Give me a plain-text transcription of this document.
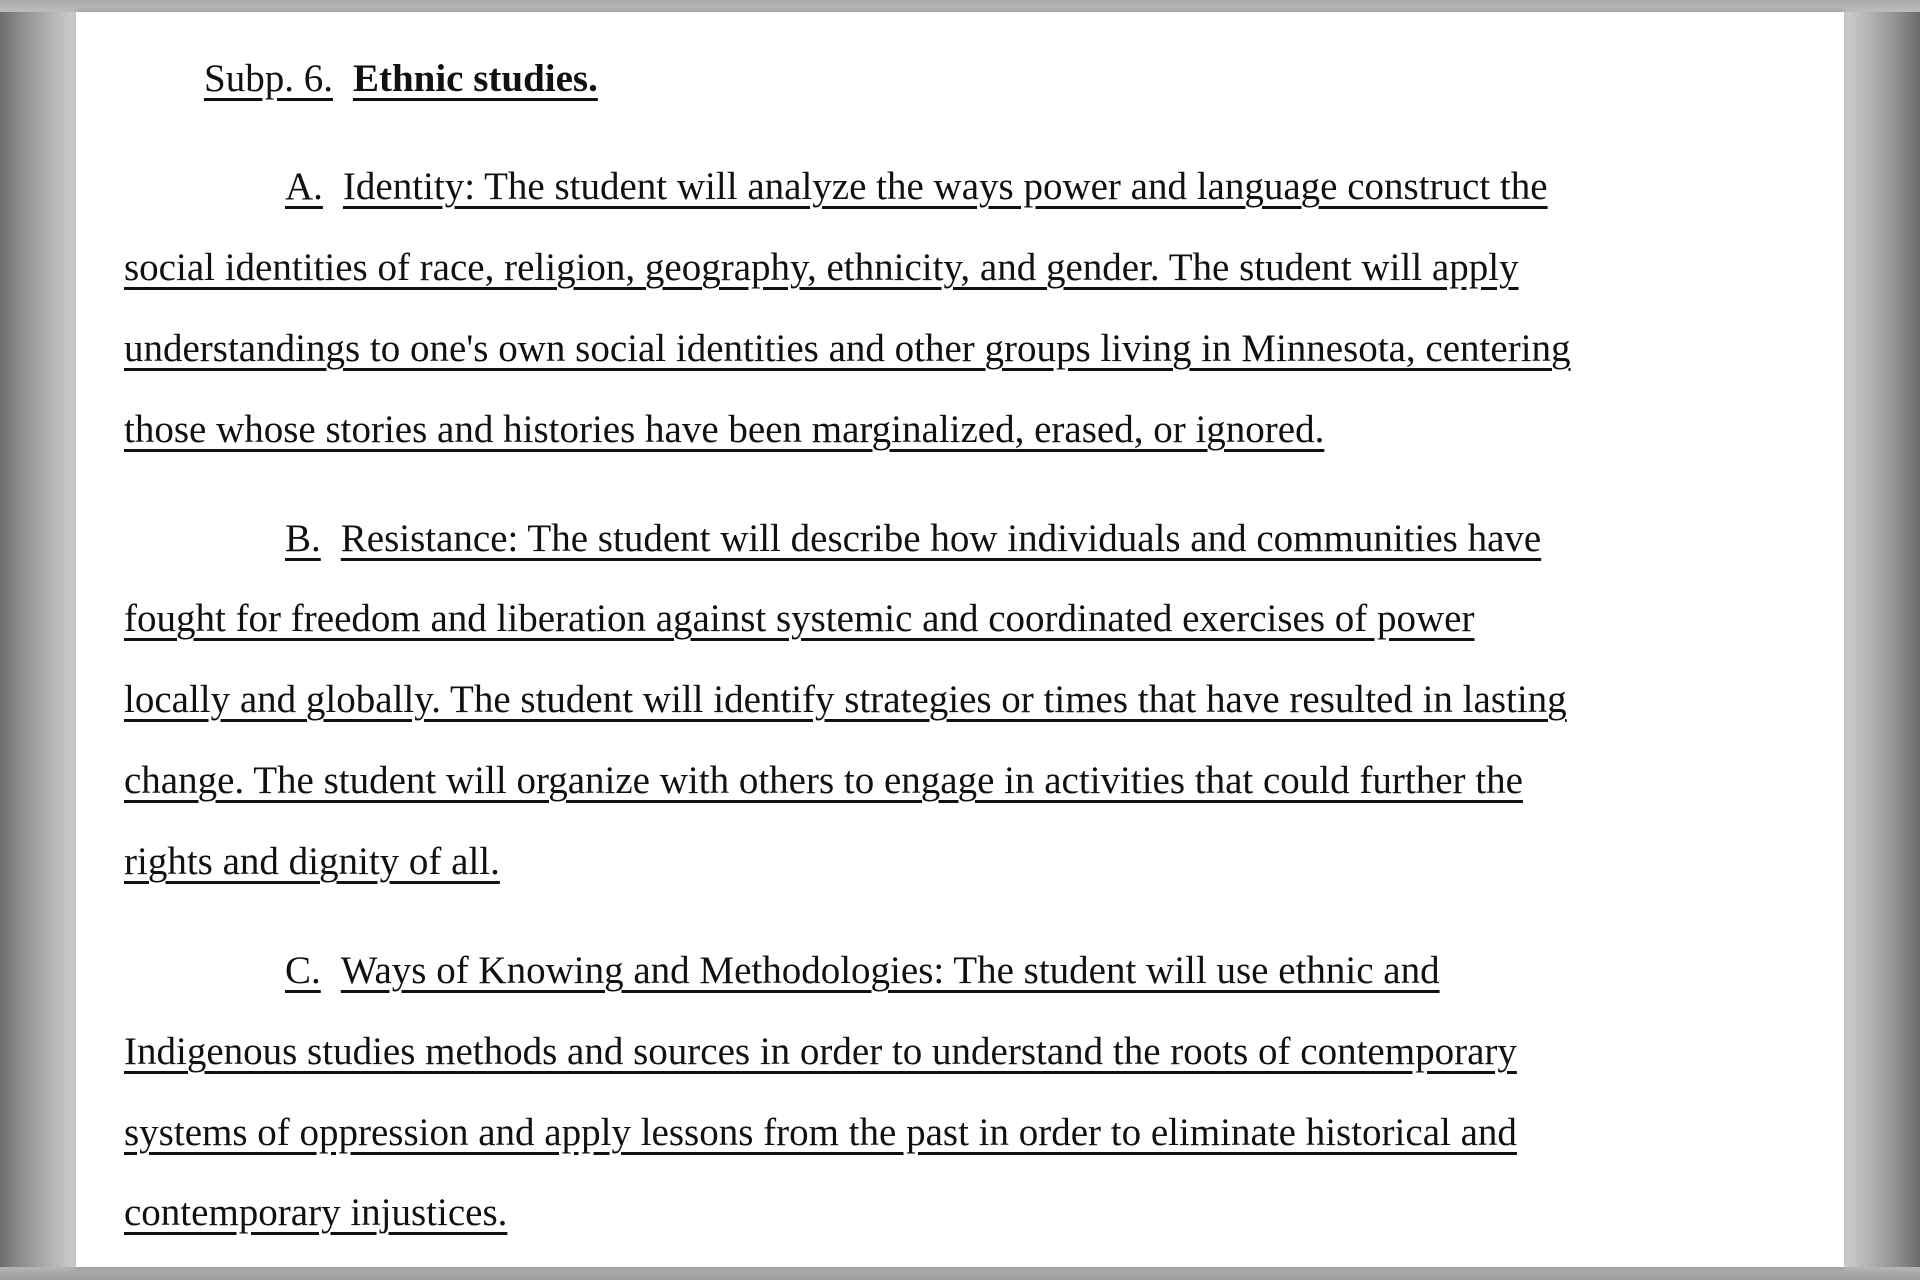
Subp. 6. Ethnic studies.
A. Identity: The student will analyze the ways power and language construct the
social identities of race, religion, geography, ethnicity, and gender. The student will apply
understandings to one's own social identities and other groups living in Minnesota, centering
those whose stories and histories have been marginalized, erased, or ignored.
B. Resistance: The student will describe how individuals and communities have
fought for freedom and liberation against systemic and coordinated exercises of power
locally and globally. The student will identify strategies or times that have resulted in lasting
change. The student will organize with others to engage in activities that could further the
rights and dignity of all.
C. Ways of Knowing and Methodologies: The student will use ethnic and
Indigenous studies methods and sources in order to understand the roots of contemporary
systems of oppression and apply lessons from the past in order to eliminate historical and
contemporary injustices.
